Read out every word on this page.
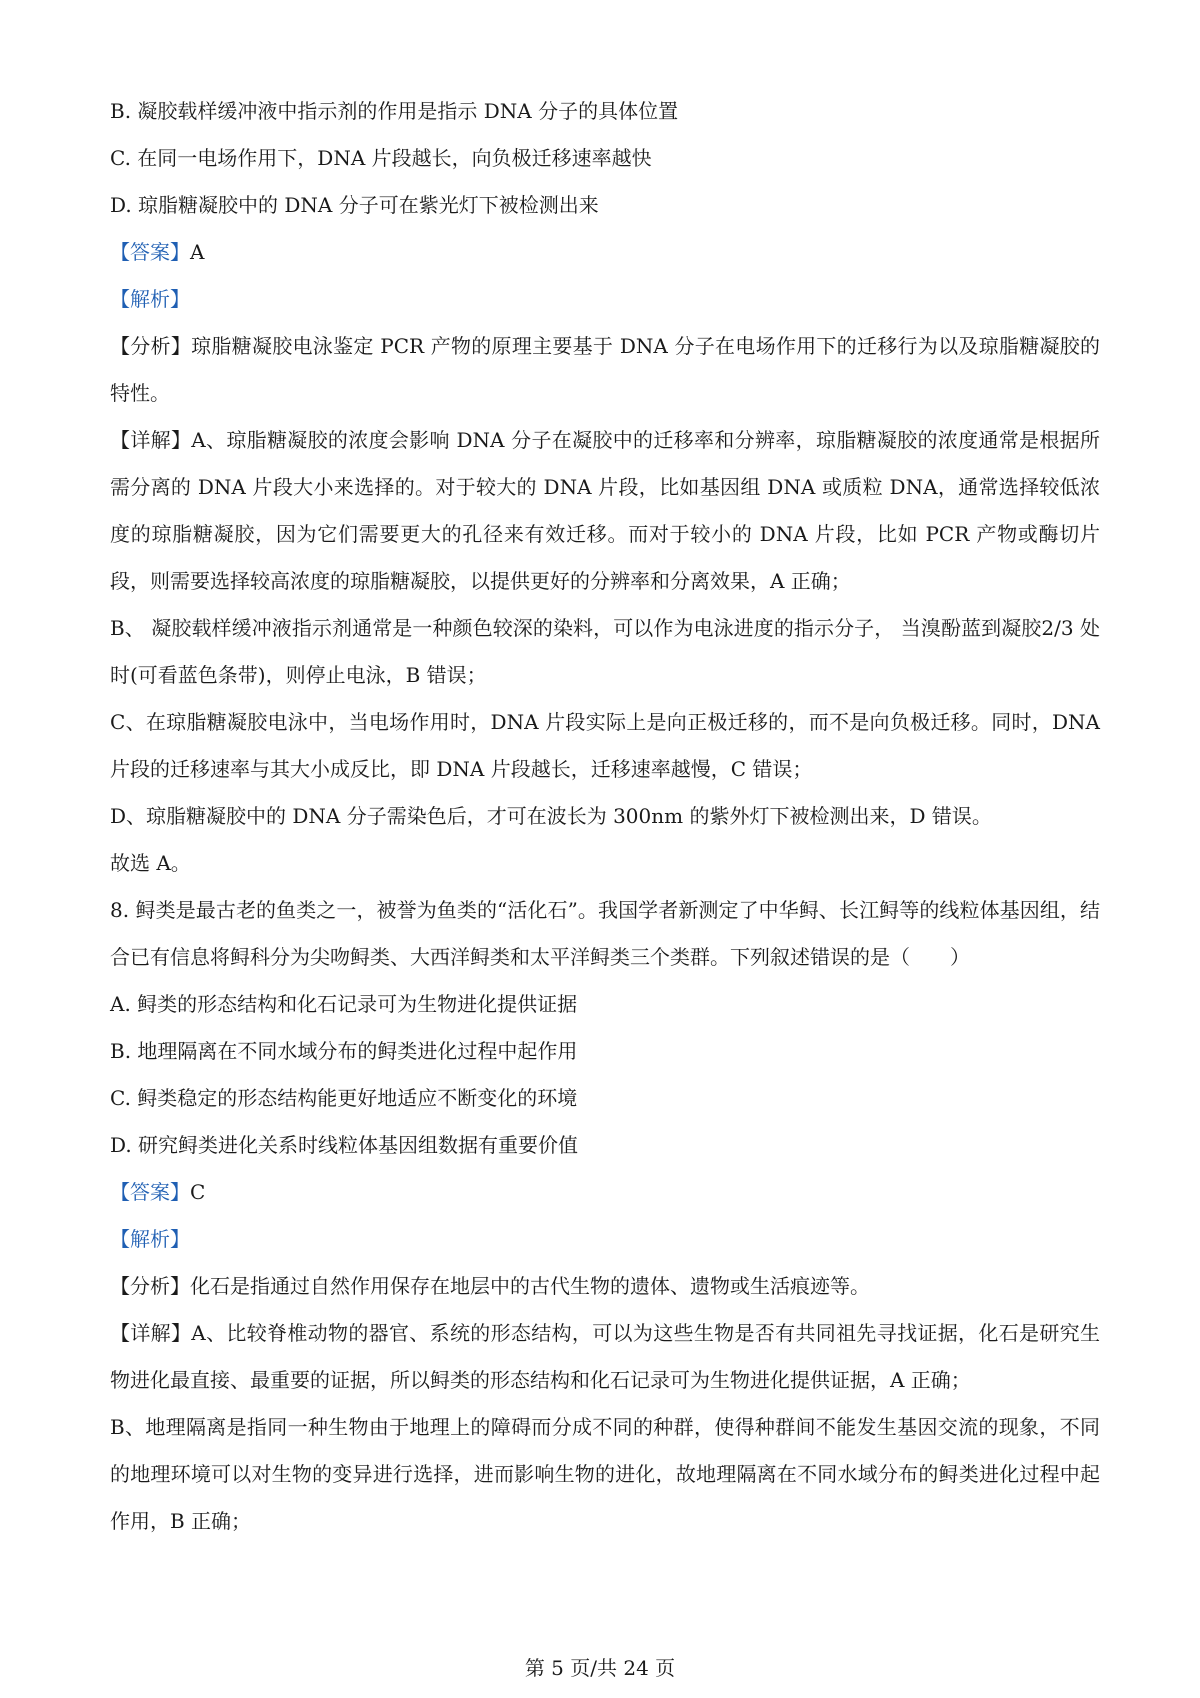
B. 凝胶载样缓冲液中指示剂的作用是指示 DNA 分子的具体位置

C. 在同一电场作用下，DNA 片段越长，向负极迁移速率越快

D. 琼脂糖凝胶中的 DNA 分子可在紫光灯下被检测出来

【答案】A

【解析】

【分析】琼脂糖凝胶电泳鉴定 PCR 产物的原理主要基于 DNA 分子在电场作用下的迁移行为以及琼脂糖凝胶的特性。

【详解】A、琼脂糖凝胶的浓度会影响 DNA 分子在凝胶中的迁移率和分辨率，琼脂糖凝胶的浓度通常是根据所需分离的 DNA 片段大小来选择的。对于较大的 DNA 片段，比如基因组 DNA 或质粒 DNA，通常选择较低浓度的琼脂糖凝胶，因为它们需要更大的孔径来有效迁移。而对于较小的 DNA 片段，比如 PCR 产物或酶切片段，则需要选择较高浓度的琼脂糖凝胶，以提供更好的分辨率和分离效果，A 正确；

B、 凝胶载样缓冲液指示剂通常是一种颜色较深的染料，可以作为电泳进度的指示分子， 当溴酚蓝到凝胶2/3 处时(可看蓝色条带)，则停止电泳，B 错误；

C、在琼脂糖凝胶电泳中，当电场作用时，DNA 片段实际上是向正极迁移的，而不是向负极迁移。同时，DNA 片段的迁移速率与其大小成反比，即 DNA 片段越长，迁移速率越慢，C 错误；

D、琼脂糖凝胶中的 DNA 分子需染色后，才可在波长为 300nm 的紫外灯下被检测出来，D 错误。

故选 A。

8. 鲟类是最古老的鱼类之一，被誉为鱼类的“活化石”。我国学者新测定了中华鲟、长江鲟等的线粒体基因组，结合已有信息将鲟科分为尖吻鲟类、大西洋鲟类和太平洋鲟类三个类群。下列叙述错误的是（　　）

A. 鲟类的形态结构和化石记录可为生物进化提供证据

B. 地理隔离在不同水域分布的鲟类进化过程中起作用

C. 鲟类稳定的形态结构能更好地适应不断变化的环境

D. 研究鲟类进化关系时线粒体基因组数据有重要价值

【答案】C

【解析】

【分析】化石是指通过自然作用保存在地层中的古代生物的遗体、遗物或生活痕迹等。

【详解】A、比较脊椎动物的器官、系统的形态结构，可以为这些生物是否有共同祖先寻找证据，化石是研究生物进化最直接、最重要的证据，所以鲟类的形态结构和化石记录可为生物进化提供证据，A 正确；

B、地理隔离是指同一种生物由于地理上的障碍而分成不同的种群，使得种群间不能发生基因交流的现象，不同的地理环境可以对生物的变异进行选择，进而影响生物的进化，故地理隔离在不同水域分布的鲟类进化过程中起作用，B 正确；

第 5 页/共 24 页
